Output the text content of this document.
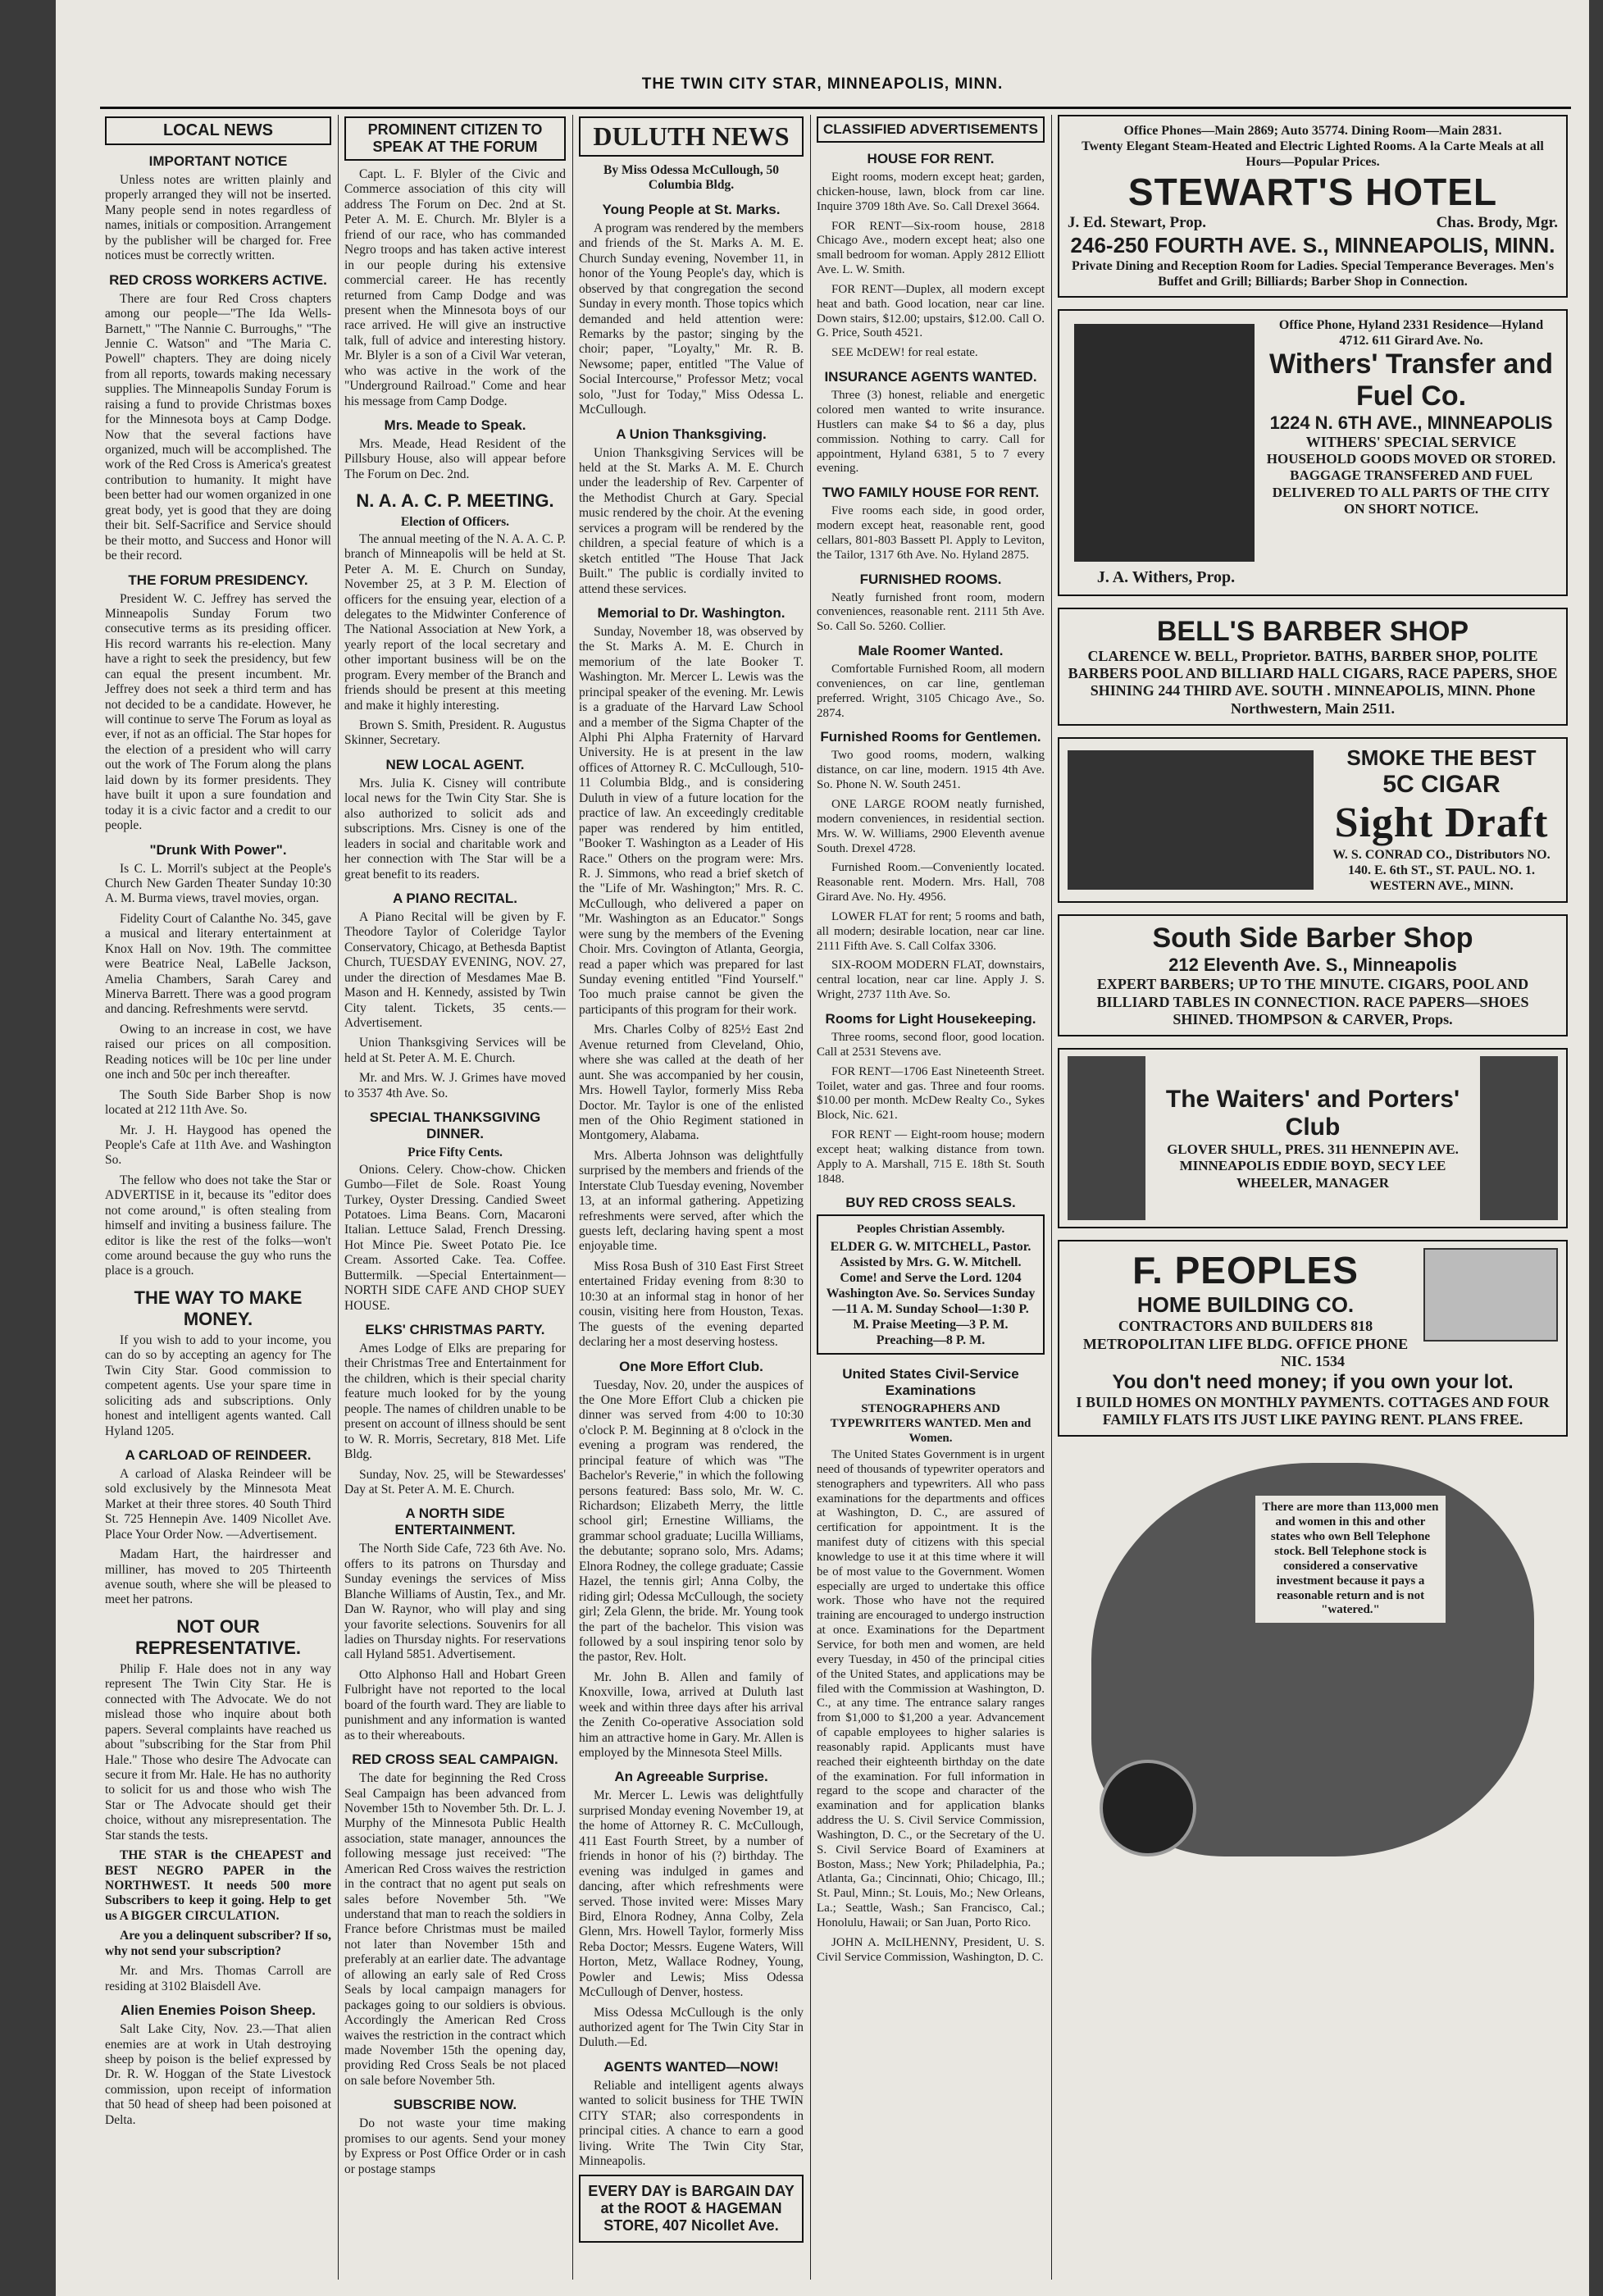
THE TWIN CITY STAR, MINNEAPOLIS, MINN.
LOCAL NEWS
IMPORTANT NOTICE

Unless notes are written plainly and properly arranged they will not be inserted. Many people send in notes regardless of names, initials or composition. Arrangement by the publisher will be charged for. Free notices must be correctly written.

RED CROSS WORKERS ACTIVE.

There are four Red Cross chapters among our people—"The Ida Wells-Barnett," "The Nannie C. Burroughs," "The Jennie C. Watson" and "The Maria C. Powell" chapters. They are doing nicely from all reports, towards making necessary supplies. The Minneapolis Sunday Forum is raising a fund to provide Christmas boxes for the Minnesota boys at Camp Dodge. Now that the several factions have organized, much will be accomplished. The work of the Red Cross is America's greatest contribution to humanity. It might have been better had our women organized in one great body, yet is good that they are doing their bit. Self-Sacrifice and Service should be their motto, and Success and Honor will be their record.

THE FORUM PRESIDENCY.

President W. C. Jeffrey has served the Minneapolis Sunday Forum two consecutive terms as its presiding officer. His record warrants his re-election. Many have a right to seek the presidency, but few can equal the present incumbent. Mr. Jeffrey does not seek a third term and has not decided to be a candidate. However, he will continue to serve The Forum as loyal as ever, if not as an official. The Star hopes for the election of a president who will carry out the work of The Forum along the plans laid down by its former presidents. They have built it upon a sure foundation and today it is a civic factor and a credit to our people.

"Drunk With Power".

Is C. L. Morril's subject at the People's Church New Garden Theater Sunday 10:30 A. M. Burma views, travel movies, organ.

Fidelity Court of Calanthe No. 345, gave a musical and literary entertainment at Knox Hall on Nov. 19th. The committee were Beatrice Neal, LaBelle Jackson, Amelia Chambers, Sarah Carey and Minerva Barrett. There was a good program and dancing. Refreshments were servtd.

Owing to an increase in cost, we have raised our prices on all composition. Reading notices will be 10c per line under one inch and 50c per inch thereafter.

The South Side Barber Shop is now located at 212 11th Ave. So.

Mr. J. H. Haygood has opened the People's Cafe at 11th Ave. and Washington So.

The fellow who does not take the Star or ADVERTISE in it, because its "editor does not come around," is often stealing from himself and inviting a business failure. The editor is like the rest of the folks—won't come around because the guy who runs the place is a grouch.

THE WAY TO MAKE MONEY.

If you wish to add to your income, you can do so by accepting an agency for The Twin City Star. Good commission to competent agents. Use your spare time in soliciting ads and subscriptions. Only honest and intelligent agents wanted. Call Hyland 1205.

A CARLOAD OF REINDEER.

A carload of Alaska Reindeer will be sold exclusively by the Minnesota Meat Market at their three stores. 40 South Third St. 725 Hennepin Ave. 1409 Nicollet Ave. Place Your Order Now. —Advertisement.

Madam Hart, the hairdresser and milliner, has moved to 205 Thirteenth avenue south, where she will be pleased to meet her patrons.

NOT OUR REPRESENTATIVE.

Philip F. Hale does not in any way represent The Twin City Star. He is connected with The Advocate. We do not mislead those who inquire about both papers. Several complaints have reached us about "subscribing for the Star from Phil Hale." Those who desire The Advocate can secure it from Mr. Hale. He has no authority to solicit for us and those who wish The Star or The Advocate should get their choice, without any misrepresentation. The Star stands the tests.

THE STAR is the CHEAPEST and BEST NEGRO PAPER in the NORTHWEST. It needs 500 more Subscribers to keep it going. Help to get us A BIGGER CIRCULATION.

Are you a delinquent subscriber? If so, why not send your subscription?

Mr. and Mrs. Thomas Carroll are residing at 3102 Blaisdell Ave.

Alien Enemies Poison Sheep.

Salt Lake City, Nov. 23.—That alien enemies are at work in Utah destroying sheep by poison is the belief expressed by Dr. R. W. Hoggan of the State Livestock commission, upon receipt of information that 50 head of sheep had been poisoned at Delta.

PROMINENT CITIZEN TO SPEAK AT THE FORUM

Capt. L. F. Blyler of the Civic and Commerce association of this city will address The Forum on Dec. 2nd at St. Peter A. M. E. Church. Mr. Blyler is a friend of our race, who has commanded Negro troops and has taken active interest in our people during his extensive commercial career. He has recently returned from Camp Dodge and was present when the Minnesota boys of our race arrived. He will give an instructive talk, full of advice and interesting history. Mr. Blyler is a son of a Civil War veteran, who was active in the work of the "Underground Railroad." Come and hear his message from Camp Dodge.

Mrs. Meade to Speak.

Mrs. Meade, Head Resident of the Pillsbury House, also will appear before The Forum on Dec. 2nd.

N. A. A. C. P. MEETING.
Election of Officers.

The annual meeting of the N. A. A. C. P. branch of Minneapolis will be held at St. Peter A. M. E. Church on Sunday, November 25, at 3 P. M. Election of officers for the ensuing year, election of a delegates to the Midwinter Conference of The National Association at New York, a yearly report of the local secretary and other important business will be on the program. Every member of the Branch and friends should be present at this meeting and make it highly interesting.

Brown S. Smith, President. R. Augustus Skinner, Secretary.

NEW LOCAL AGENT.

Mrs. Julia K. Cisney will contribute local news for the Twin City Star. She is also authorized to solicit ads and subscriptions. Mrs. Cisney is one of the leaders in social and charitable work and her connection with The Star will be a great benefit to its readers.

A PIANO RECITAL.

A Piano Recital will be given by F. Theodore Taylor of Coleridge Taylor Conservatory, Chicago, at Bethesda Baptist Church, TUESDAY EVENING, NOV. 27, under the direction of Mesdames Mae B. Mason and H. Kennedy, assisted by Twin City talent. Tickets, 35 cents.—Advertisement.

Union Thanksgiving Services will be held at St. Peter A. M. E. Church.

Mr. and Mrs. W. J. Grimes have moved to 3537 4th Ave. So.

SPECIAL THANKSGIVING DINNER.
Price Fifty Cents.

Onions. Celery. Chow-chow. Chicken Gumbo—Filet de Sole. Roast Young Turkey, Oyster Dressing. Candied Sweet Potatoes. Lima Beans. Corn, Macaroni Italian. Lettuce Salad, French Dressing. Hot Mince Pie. Sweet Potato Pie. Ice Cream. Assorted Cake. Tea. Coffee. Buttermilk. —Special Entertainment— NORTH SIDE CAFE AND CHOP SUEY HOUSE.

ELKS' CHRISTMAS PARTY.

Ames Lodge of Elks are preparing for their Christmas Tree and Entertainment for the children, which is their special charity feature much looked for by the young people. The names of children unable to be present on account of illness should be sent to W. R. Morris, Secretary, 818 Met. Life Bldg.

Sunday, Nov. 25, will be Stewardesses' Day at St. Peter A. M. E. Church.

A NORTH SIDE ENTERTAINMENT.

The North Side Cafe, 723 6th Ave. No. offers to its patrons on Thursday and Sunday evenings the services of Miss Blanche Williams of Austin, Tex., and Mr. Dan W. Raynor, who will play and sing your favorite selections. Souvenirs for all ladies on Thursday nights. For reservations call Hyland 5851. Advertisement.

Otto Alphonso Hall and Hobart Green Fulbright have not reported to the local board of the fourth ward. They are liable to punishment and any information is wanted as to their whereabouts.

RED CROSS SEAL CAMPAIGN.

The date for beginning the Red Cross Seal Campaign has been advanced from November 15th to November 5th. Dr. L. J. Murphy of the Minnesota Public Health association, state manager, announces the following message just received: "The American Red Cross waives the restriction in the contract that no agent put seals on sales before November 5th. "We understand that man to reach the soldiers in France before Christmas must be mailed not later than November 15th and preferably at an earlier date. The advantage of allowing an early sale of Red Cross Seals by local campaign managers for packages going to our soldiers is obvious. Accordingly the American Red Cross waives the restriction in the contract which made November 15th the opening day, providing Red Cross Seals be not placed on sale before November 5th.

SUBSCRIBE NOW.

Do not waste your time making promises to our agents. Send your money by Express or Post Office Order or in cash or postage stamps

DULUTH NEWS
By Miss Odessa McCullough, 50 Columbia Bldg.
Young People at St. Marks.

A program was rendered by the members and friends of the St. Marks A. M. E. Church Sunday evening, November 11, in honor of the Young People's day, which is observed by that congregation the second Sunday in every month. Those topics which demanded and held attention were: Remarks by the pastor; singing by the choir; paper, "Loyalty," Mr. R. B. Newsome; paper, entitled "The Value of Social Intercourse," Professor Metz; vocal solo, "Just for Today," Miss Odessa L. McCullough.

A Union Thanksgiving.

Union Thanksgiving Services will be held at the St. Marks A. M. E. Church under the leadership of Rev. Carpenter of the Methodist Church at Gary. Special music rendered by the choir. At the evening services a program will be rendered by the children, a special feature of which is a sketch entitled "The House That Jack Built." The public is cordially invited to attend these services.

Memorial to Dr. Washington.

Sunday, November 18, was observed by the St. Marks A. M. E. Church in memorium of the late Booker T. Washington. Mr. Mercer L. Lewis was the principal speaker of the evening. Mr. Lewis is a graduate of the Harvard Law School and a member of the Sigma Chapter of the Alphi Phi Alpha Fraternity of Harvard University. He is at present in the law offices of Attorney R. C. McCullough, 510-11 Columbia Bldg., and is considering Duluth in view of a future location for the practice of law. An exceedingly creditable paper was rendered by him entitled, "Booker T. Washington as a Leader of His Race." Others on the program were: Mrs. R. J. Simmons, who read a brief sketch of the "Life of Mr. Washington;" Mrs. R. C. McCullough, who delivered a paper on "Mr. Washington as an Educator." Songs were sung by the members of the Evening Choir. Mrs. Covington of Atlanta, Georgia, read a paper which was prepared for last Sunday evening entitled "Find Yourself." Too much praise cannot be given the participants of this program for their work.

Mrs. Charles Colby of 825½ East 2nd Avenue returned from Cleveland, Ohio, where she was called at the death of her aunt. She was accompanied by her cousin, Mrs. Howell Taylor, formerly Miss Reba Doctor. Mr. Taylor is one of the enlisted men of the Ohio Regiment stationed in Montgomery, Alabama.

Mrs. Alberta Johnson was delightfully surprised by the members and friends of the Interstate Club Tuesday evening, November 13, at an informal gathering. Appetizing refreshments were served, after which the guests left, declaring having spent a most enjoyable time.

Miss Rosa Bush of 310 East First Street entertained Friday evening from 8:30 to 10:30 at an informal stag in honor of her cousin, visiting here from Houston, Texas. The guests of the evening departed declaring her a most deserving hostess.

One More Effort Club.

Tuesday, Nov. 20, under the auspices of the One More Effort Club a chicken pie dinner was served from 4:00 to 10:30 o'clock P. M. Beginning at 8 o'clock in the evening a program was rendered, the principal feature of which was "The Bachelor's Reverie," in which the following persons featured: Bass solo, Mr. W. C. Richardson; Elizabeth Merry, the little school girl; Ernestine Williams, the grammar school graduate; Lucilla Williams, the debutante; soprano solo, Mrs. Adams; Elnora Rodney, the college graduate; Cassie Hazel, the tennis girl; Anna Colby, the riding girl; Odessa McCullough, the society girl; Zela Glenn, the bride. Mr. Young took the part of the bachelor. This vision was followed by a soul inspiring tenor solo by the pastor, Rev. Holt.

Mr. John B. Allen and family of Knoxville, Iowa, arrived at Duluth last week and within three days after his arrival the Zenith Co-operative Association sold him an attractive home in Gary. Mr. Allen is employed by the Minnesota Steel Mills.

An Agreeable Surprise.

Mr. Mercer L. Lewis was delightfully surprised Monday evening November 19, at the home of Attorney R. C. McCullough, 411 East Fourth Street, by a number of friends in honor of his (?) birthday. The evening was indulged in games and dancing, after which refreshments were served. Those invited were: Misses Mary Bird, Elnora Rodney, Anna Colby, Zela Glenn, Mrs. Howell Taylor, formerly Miss Reba Doctor; Messrs. Eugene Waters, Will Horton, Metz, Wallace Rodney, Young, Powler and Lewis; Miss Odessa McCullough of Denver, hostess.

Miss Odessa McCullough is the only authorized agent for The Twin City Star in Duluth.—Ed.

AGENTS WANTED—NOW!

Reliable and intelligent agents always wanted to solicit business for THE TWIN CITY STAR; also correspondents in principal cities. A chance to earn a good living. Write The Twin City Star, Minneapolis.

EVERY DAY is BARGAIN DAY at the ROOT & HAGEMAN STORE, 407 Nicollet Ave.
CLASSIFIED ADVERTISEMENTS
HOUSE FOR RENT.

Eight rooms, modern except heat; garden, chicken-house, lawn, block from car line. Inquire 3709 18th Ave. So. Call Drexel 3664.

FOR RENT—Six-room house, 2818 Chicago Ave., modern except heat; also one small bedroom for woman. Apply 2812 Elliott Ave. L. W. Smith.

FOR RENT—Duplex, all modern except heat and bath. Good location, near car line. Down stairs, $12.00; upstairs, $12.00. Call O. G. Price, South 4521.

SEE McDEW! for real estate.

INSURANCE AGENTS WANTED.

Three (3) honest, reliable and energetic colored men wanted to write insurance. Hustlers can make $4 to $6 a day, plus commission. Nothing to carry. Call for appointment, Hyland 6381, 5 to 7 every evening.

TWO FAMILY HOUSE FOR RENT.

Five rooms each side, in good order, modern except heat, reasonable rent, good cellars, 801-803 Bassett Pl. Apply to Leviton, the Tailor, 1317 6th Ave. No. Hyland 2875.

FURNISHED ROOMS.

Neatly furnished front room, modern conveniences, reasonable rent. 2111 5th Ave. So. Call So. 5260. Collier.

Male Roomer Wanted.

Comfortable Furnished Room, all modern conveniences, on car line, gentleman preferred. Wright, 3105 Chicago Ave., So. 2874.

Furnished Rooms for Gentlemen.

Two good rooms, modern, walking distance, on car line, modern. 1915 4th Ave. So. Phone N. W. South 2451.

ONE LARGE ROOM neatly furnished, modern conveniences, in residential section. Mrs. W. W. Williams, 2900 Eleventh avenue South. Drexel 4728.

Furnished Room.—Conveniently located. Reasonable rent. Modern. Mrs. Hall, 708 Girard Ave. No. Hy. 4956.

LOWER FLAT for rent; 5 rooms and bath, all modern; desirable location, near car line. 2111 Fifth Ave. S. Call Colfax 3306.

SIX-ROOM MODERN FLAT, downstairs, central location, near car line. Apply J. S. Wright, 2737 11th Ave. So.

Rooms for Light Housekeeping.

Three rooms, second floor, good location. Call at 2531 Stevens ave.

FOR RENT—1706 East Nineteenth Street. Toilet, water and gas. Three and four rooms. $10.00 per month. McDew Realty Co., Sykes Block, Nic. 621.

FOR RENT — Eight-room house; modern except heat; walking distance from town. Apply to A. Marshall, 715 E. 18th St. South 1848.

BUY RED CROSS SEALS.
Peoples Christian Assembly.
ELDER G. W. MITCHELL, Pastor. Assisted by Mrs. G. W. Mitchell. Come! and Serve the Lord. 1204 Washington Ave. So. Services Sunday—11 A. M. Sunday School—1:30 P. M. Praise Meeting—3 P. M. Preaching—8 P. M.
United States Civil-Service Examinations
STENOGRAPHERS AND TYPEWRITERS WANTED. Men and Women.

The United States Government is in urgent need of thousands of typewriter operators and stenographers and typewriters. All who pass examinations for the departments and offices at Washington, D. C., are assured of certification for appointment. It is the manifest duty of citizens with this special knowledge to use it at this time where it will be of most value to the Government. Women especially are urged to undertake this office work. Those who have not the required training are encouraged to undergo instruction at once. Examinations for the Department Service, for both men and women, are held every Tuesday, in 450 of the principal cities of the United States, and applications may be filed with the Commission at Washington, D. C., at any time. The entrance salary ranges from $1,000 to $1,200 a year. Advancement of capable employees to higher salaries is reasonably rapid. Applicants must have reached their eighteenth birthday on the date of the examination. For full information in regard to the scope and character of the examination and for application blanks address the U. S. Civil Service Commission, Washington, D. C., or the Secretary of the U. S. Civil Service Board of Examiners at Boston, Mass.; New York; Philadelphia, Pa.; Atlanta, Ga.; Cincinnati, Ohio; Chicago, Ill.; St. Paul, Minn.; St. Louis, Mo.; New Orleans, La.; Seattle, Wash.; San Francisco, Cal.; Honolulu, Hawaii; or San Juan, Porto Rico.

JOHN A. McILHENNY, President, U. S. Civil Service Commission, Washington, D. C.

Office Phones—Main 2869; Auto 35774. Dining Room—Main 2831.
Twenty Elegant Steam-Heated and Electric Lighted Rooms. A la Carte Meals at all Hours—Popular Prices.
STEWART'S HOTEL
J. Ed. Stewart, Prop.	Chas. Brody, Mgr.
246-250 FOURTH AVE. S., MINNEAPOLIS, MINN.
Private Dining and Reception Room for Ladies. Special Temperance Beverages. Men's Buffet and Grill; Billiards; Barber Shop in Connection.
J. A. Withers, Prop.
Office Phone, Hyland 2331 Residence—Hyland 4712. 611 Girard Ave. No.
Withers' Transfer and Fuel Co.
1224 N. 6TH AVE., MINNEAPOLIS
WITHERS' SPECIAL SERVICE
HOUSEHOLD GOODS MOVED OR STORED. BAGGAGE TRANSFERED AND FUEL DELIVERED TO ALL PARTS OF THE CITY ON SHORT NOTICE.
BELL'S BARBER SHOP
CLARENCE W. BELL, Proprietor. BATHS, BARBER SHOP, POLITE BARBERS POOL AND BILLIARD HALL CIGARS, RACE PAPERS, SHOE SHINING 244 THIRD AVE. SOUTH . MINNEAPOLIS, MINN. Phone Northwestern, Main 2511.
SMOKE THE BEST
5C CIGAR
Sight Draft
W. S. CONRAD CO., Distributors NO. 140. E. 6th ST., ST. PAUL. NO. 1. WESTERN AVE., MINN.
South Side Barber Shop
212 Eleventh Ave. S., Minneapolis
EXPERT BARBERS; UP TO THE MINUTE. CIGARS, POOL AND BILLIARD TABLES IN CONNECTION. RACE PAPERS—SHOES SHINED. THOMPSON & CARVER, Props.
The Waiters' and Porters' Club
GLOVER SHULL, PRES. 311 HENNEPIN AVE. MINNEAPOLIS EDDIE BOYD, SECY LEE WHEELER, MANAGER
F. PEOPLES
HOME BUILDING CO.
CONTRACTORS AND BUILDERS 818 METROPOLITAN LIFE BLDG. OFFICE PHONE NIC. 1534
You don't need money; if you own your lot.
I BUILD HOMES ON MONTHLY PAYMENTS. COTTAGES AND FOUR FAMILY FLATS ITS JUST LIKE PAYING RENT. PLANS FREE.
There are more than 113,000 men and women in this and other states who own Bell Telephone stock. Bell Telephone stock is considered a conservative investment because it pays a reasonable return and is not "watered."
